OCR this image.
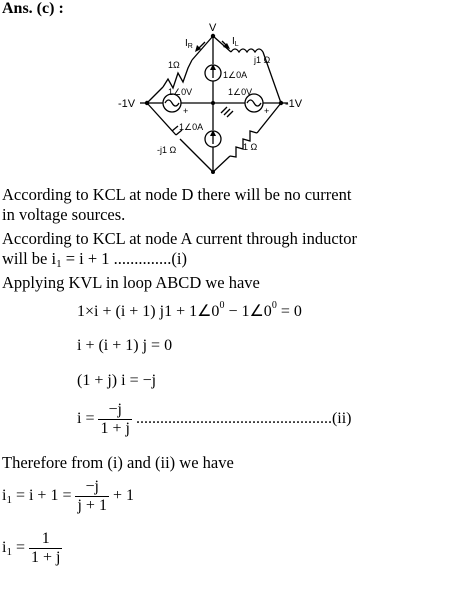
Ans. (c) :
V
-1V	-1V
$I_R$	$I_L$
j1 Ω
1Ω
1∠0A
1∠0V	1∠0V
1∠0A
-j1 Ω	1 Ω
+	+
According to KCL at node D there will be no current
in voltage sources.
According to KCL at node A current through inductor
will be $i_1 = i + 1$ ..............(i)
Applying KVL in loop ABCD we have
1×i + (i + 1) $j1 + 1\angle 0^0$ − $1\angle 0^0 = 0$
i + (i + 1) j = 0
(1 + j) i = −j
$i = \frac{-j}{1 + j} .................................................(ii)$
Therefore from (i) and (ii) we have
$i_1 = i + 1 = \frac{-j}{j + 1} + 1$
$i_1 = \frac{1}{1 + j}$
